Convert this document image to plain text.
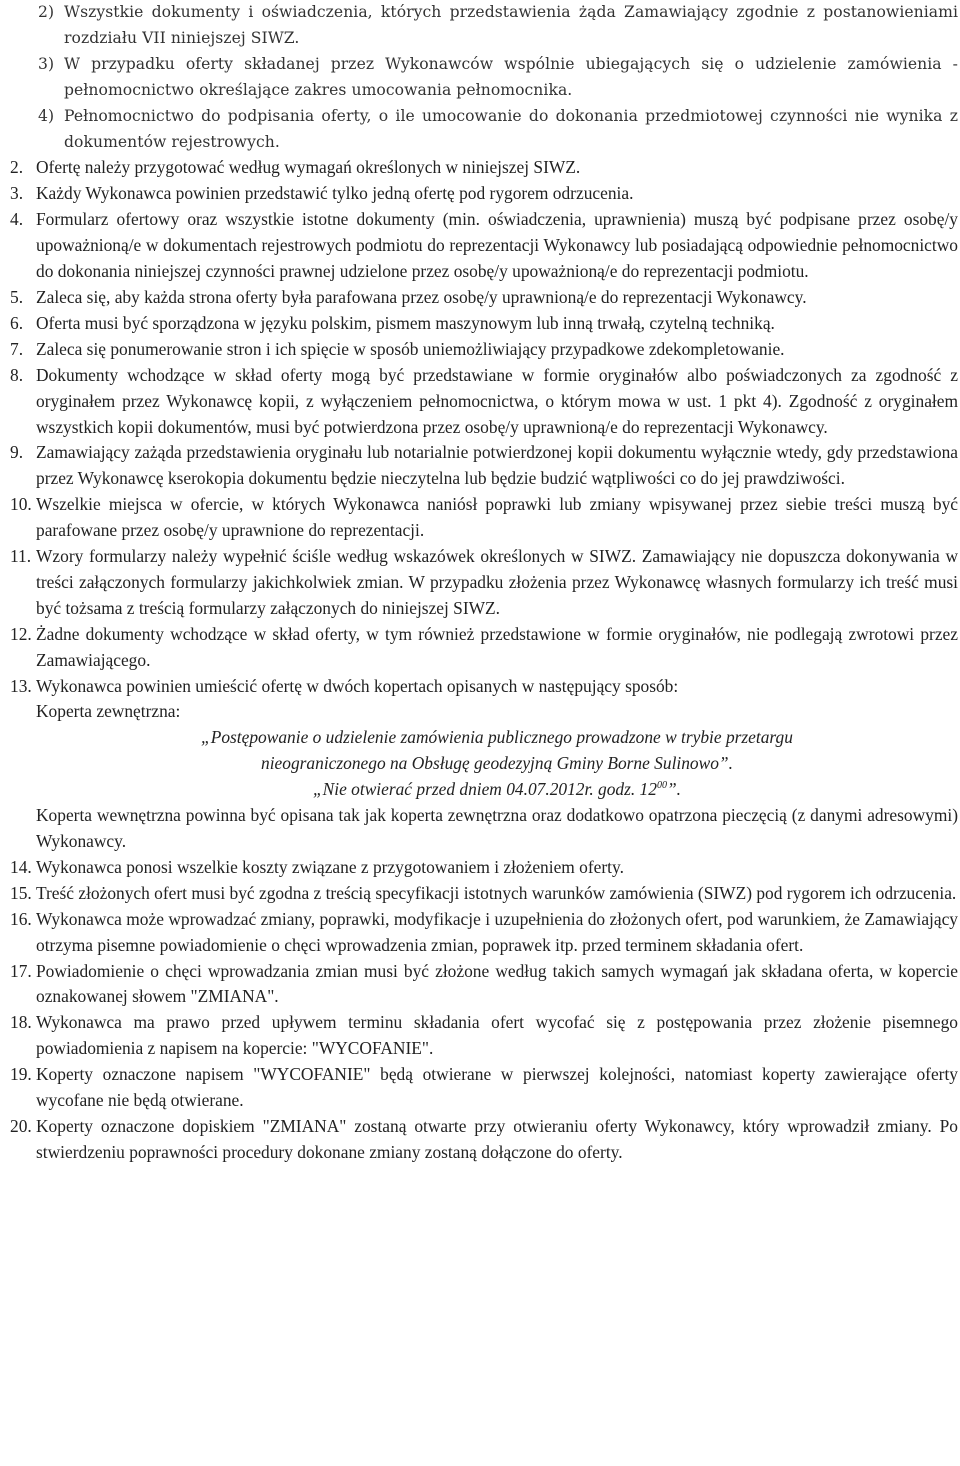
2) Wszystkie dokumenty i oświadczenia, których przedstawienia żąda Zamawiający zgodnie z postanowieniami rozdziału VII niniejszej SIWZ.
3) W przypadku oferty składanej przez Wykonawców wspólnie ubiegających się o udzielenie zamówienia - pełnomocnictwo określające zakres umocowania pełnomocnika.
4) Pełnomocnictwo do podpisania oferty, o ile umocowanie do dokonania przedmiotowej czynności nie wynika z dokumentów rejestrowych.
2. Ofertę należy przygotować według wymagań określonych w niniejszej SIWZ.
3. Każdy Wykonawca powinien przedstawić tylko jedną ofertę pod rygorem odrzucenia.
4. Formularz ofertowy oraz wszystkie istotne dokumenty (min. oświadczenia, uprawnienia) muszą być podpisane przez osobę/y upoważnioną/e w dokumentach rejestrowych podmiotu do reprezentacji Wykonawcy lub posiadającą odpowiednie pełnomocnictwo do dokonania niniejszej czynności prawnej udzielone przez osobę/y upoważnioną/e do reprezentacji podmiotu.
5. Zaleca się, aby każda strona oferty była parafowana przez osobę/y uprawnioną/e do reprezentacji Wykonawcy.
6. Oferta musi być sporządzona w języku polskim, pismem maszynowym lub inną trwałą, czytelną techniką.
7. Zaleca się ponumerowanie stron i ich spięcie w sposób uniemożliwiający przypadkowe zdekompletowanie.
8. Dokumenty wchodzące w skład oferty mogą być przedstawiane w formie oryginałów albo poświadczonych za zgodność z oryginałem przez Wykonawcę kopii, z wyłączeniem pełnomocnictwa, o którym mowa w ust. 1 pkt 4). Zgodność z oryginałem wszystkich kopii dokumentów, musi być potwierdzona przez osobę/y uprawnioną/e do reprezentacji Wykonawcy.
9. Zamawiający zażąda przedstawienia oryginału lub notarialnie potwierdzonej kopii dokumentu wyłącznie wtedy, gdy przedstawiona przez Wykonawcę kserokopia dokumentu będzie nieczytelna lub będzie budzić wątpliwości co do jej prawdziwości.
10. Wszelkie miejsca w ofercie, w których Wykonawca naniósł poprawki lub zmiany wpisywanej przez siebie treści muszą być parafowane przez osobę/y uprawnione do reprezentacji.
11. Wzory formularzy należy wypełnić ściśle według wskazówek określonych w SIWZ. Zamawiający nie dopuszcza dokonywania w treści załączonych formularzy jakichkolwiek zmian. W przypadku złożenia przez Wykonawcę własnych formularzy ich treść musi być tożsama z treścią formularzy załączonych do niniejszej SIWZ.
12. Żadne dokumenty wchodzące w skład oferty, w tym również przedstawione w formie oryginałów, nie podlegają zwrotowi przez Zamawiającego.
13. Wykonawca powinien umieścić ofertę w dwóch kopertach opisanych w następujący sposób:
Koperta zewnętrzna:
„Postępowanie o udzielenie zamówienia publicznego prowadzone w trybie przetargu
nieograniczonego na Obsługę geodezyjną Gminy Borne Sulinowo”.
„Nie otwierać przed dniem 04.07.2012r. godz. $12^{00}$”.
Koperta wewnętrzna powinna być opisana tak jak koperta zewnętrzna oraz dodatkowo opatrzona pieczęcią (z danymi adresowymi) Wykonawcy.
14. Wykonawca ponosi wszelkie koszty związane z przygotowaniem i złożeniem oferty.
15. Treść złożonych ofert musi być zgodna z treścią specyfikacji istotnych warunków zamówienia (SIWZ) pod rygorem ich odrzucenia.
16. Wykonawca może wprowadzać zmiany, poprawki, modyfikacje i uzupełnienia do złożonych ofert, pod warunkiem, że Zamawiający otrzyma pisemne powiadomienie o chęci wprowadzenia zmian, poprawek itp. przed terminem składania ofert.
17. Powiadomienie o chęci wprowadzania zmian musi być złożone według takich samych wymagań jak składana oferta, w kopercie oznakowanej słowem "ZMIANA".
18. Wykonawca ma prawo przed upływem terminu składania ofert wycofać się z postępowania przez złożenie pisemnego powiadomienia z napisem na kopercie: "WYCOFANIE".
19. Koperty oznaczone napisem "WYCOFANIE" będą otwierane w pierwszej kolejności, natomiast koperty zawierające oferty wycofane nie będą otwierane.
20. Koperty oznaczone dopiskiem "ZMIANA" zostaną otwarte przy otwieraniu oferty Wykonawcy, który wprowadził zmiany. Po stwierdzeniu poprawności procedury dokonane zmiany zostaną dołączone do oferty.
